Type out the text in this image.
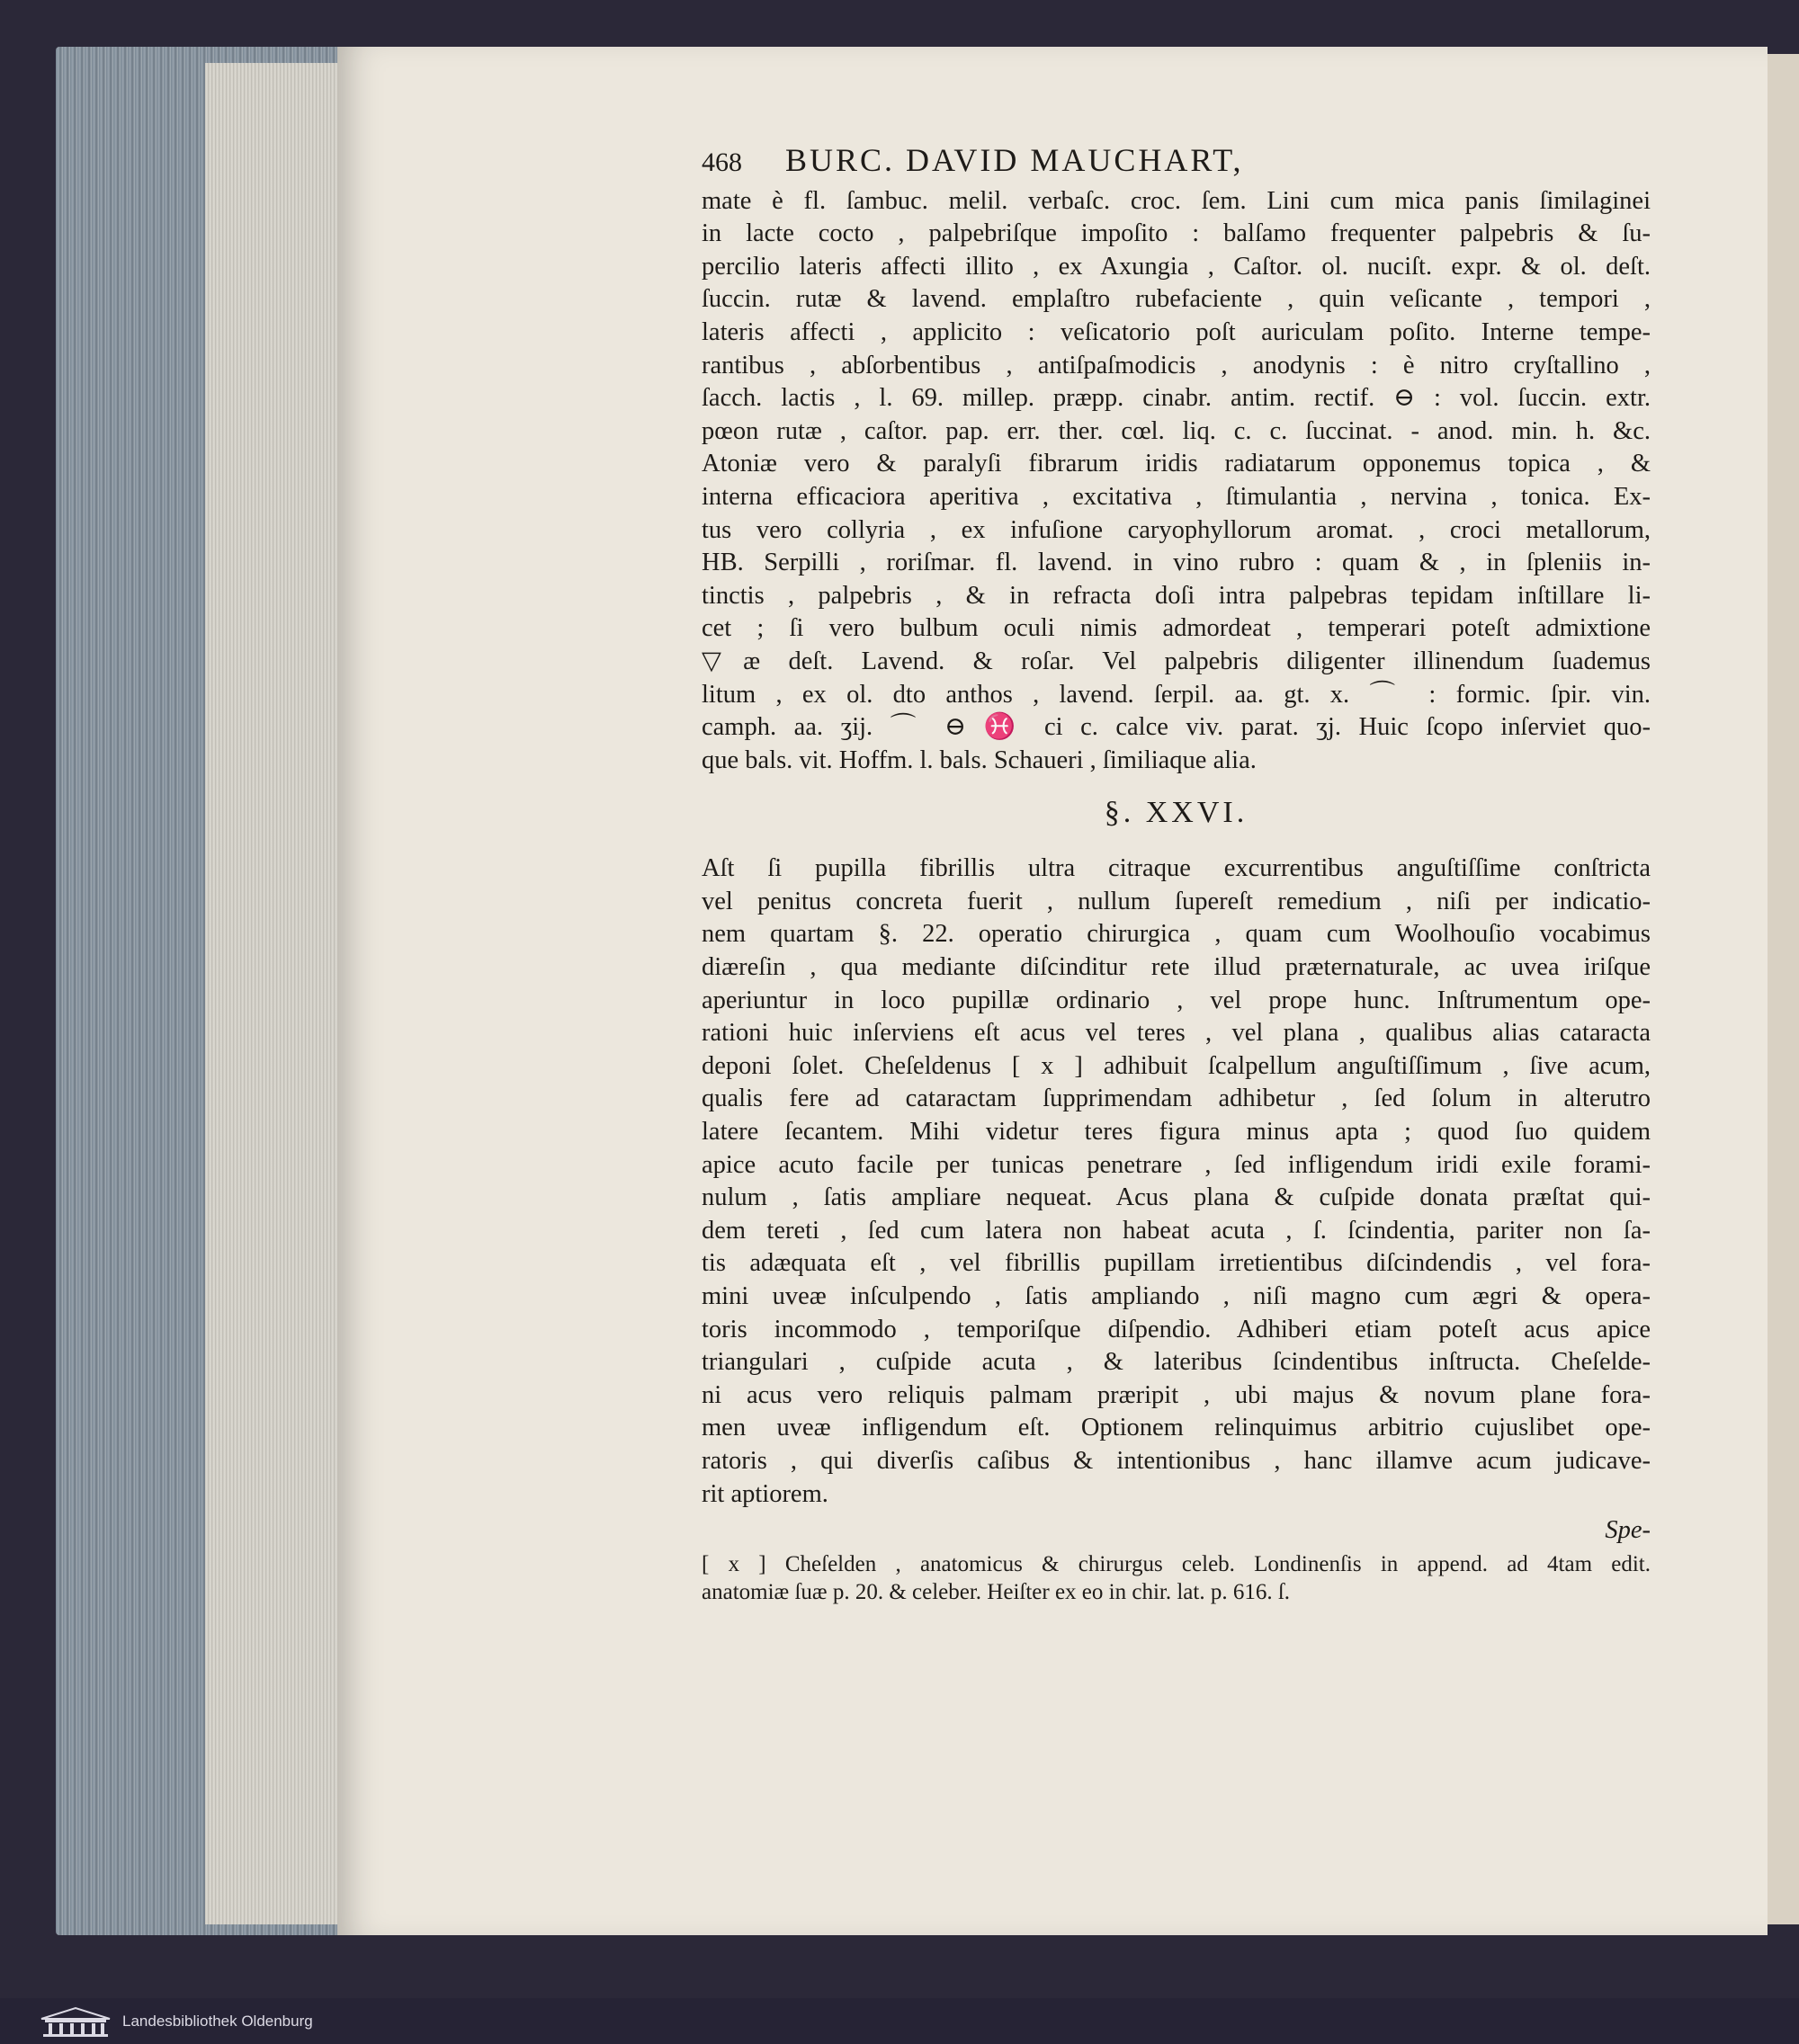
468 BURC. DAVID MAUCHART,
mate è fl. ſambuc. melil. verbaſc. croc. ſem. Lini cum mica panis ſimilaginei
in lacte cocto , palpebriſque impoſito : balſamo frequenter palpebris & ſu-
percilio lateris affecti illito , ex Axungia , Caſtor. ol. nuciſt. expr. & ol. deſt.
ſuccin. rutæ & lavend. emplaſtro rubefaciente , quin veſicante , tempori ,
lateris affecti , applicito : veſicatorio poſt auriculam poſito. Interne tempe-
rantibus , abſorbentibus , antiſpaſmodicis , anodynis : è nitro cryſtallino ,
ſacch. lactis , l. 69. millep. præpp. cinabr. antim. rectif. ⊖ : vol. ſuccin. extr.
pœon rutæ , caſtor. pap. err. ther. cœl. liq. c. c. ſuccinat. - anod. min. h. &c.
Atoniæ vero & paralyſi fibrarum iridis radiatarum opponemus topica , &
interna efficaciora aperitiva , excitativa , ſtimulantia , nervina , tonica. Ex-
tus vero collyria , ex infuſione caryophyllorum aromat. , croci metallorum,
HB. Serpilli , roriſmar. fl. lavend. in vino rubro : quam & , in ſpleniis in-
tinctis , palpebris , & in refracta doſi intra palpebras tepidam inſtillare li-
cet ; ſi vero bulbum oculi nimis admordeat , temperari poteſt admixtione
▽æ deſt. Lavend. & roſar. Vel palpebris diligenter illinendum ſuademus
litum , ex ol. dto anthos , lavend. ſerpil. aa. gt. x. ⌒ : formic. ſpir. vin.
camph. aa. ʒij. ⌒ ⊖ ♓ ci c. calce viv. parat. ʒj. Huic ſcopo inſerviet quo-
que bals. vit. Hoffm. l. bals. Schaueri , ſimiliaque alia.
§. XXVI.
Aſt ſi pupilla fibrillis ultra citraque excurrentibus anguſtiſſime conſtricta
vel penitus concreta fuerit , nullum ſupereſt remedium , niſi per indicatio-
nem quartam §. 22. operatio chirurgica , quam cum Woolhouſio vocabimus
diæreſin , qua mediante diſcinditur rete illud præternaturale, ac uvea iriſque
aperiuntur in loco pupillæ ordinario , vel prope hunc. Inſtrumentum ope-
rationi huic inſerviens eſt acus vel teres , vel plana , qualibus alias cataracta
deponi ſolet. Cheſeldenus [ x ] adhibuit ſcalpellum anguſtiſſimum , ſive acum,
qualis fere ad cataractam ſupprimendam adhibetur , ſed ſolum in alterutro
latere ſecantem. Mihi videtur teres figura minus apta ; quod ſuo quidem
apice acuto facile per tunicas penetrare , ſed infligendum iridi exile forami-
nulum , ſatis ampliare nequeat. Acus plana & cuſpide donata præſtat qui-
dem tereti , ſed cum latera non habeat acuta , ſ. ſcindentia, pariter non ſa-
tis adæquata eſt , vel fibrillis pupillam irretientibus diſcindendis , vel fora-
mini uveæ inſculpendo , ſatis ampliando , niſi magno cum ægri & opera-
toris incommodo , temporiſque diſpendio. Adhiberi etiam poteſt acus apice
triangulari , cuſpide acuta , & lateribus ſcindentibus inſtructa. Cheſelde-
ni acus vero reliquis palmam præripit , ubi majus & novum plane fora-
men uveæ infligendum eſt. Optionem relinquimus arbitrio cujuslibet ope-
ratoris , qui diverſis caſibus & intentionibus , hanc illamve acum judicave-
rit aptiorem.
Spe-
[ x ] Cheſelden , anatomicus & chirurgus celeb. Londinenſis in append. ad 4tam edit.
anatomiæ ſuæ p. 20. & celeber. Heiſter ex eo in chir. lat. p. 616. ſ.
Landesbibliothek Oldenburg
